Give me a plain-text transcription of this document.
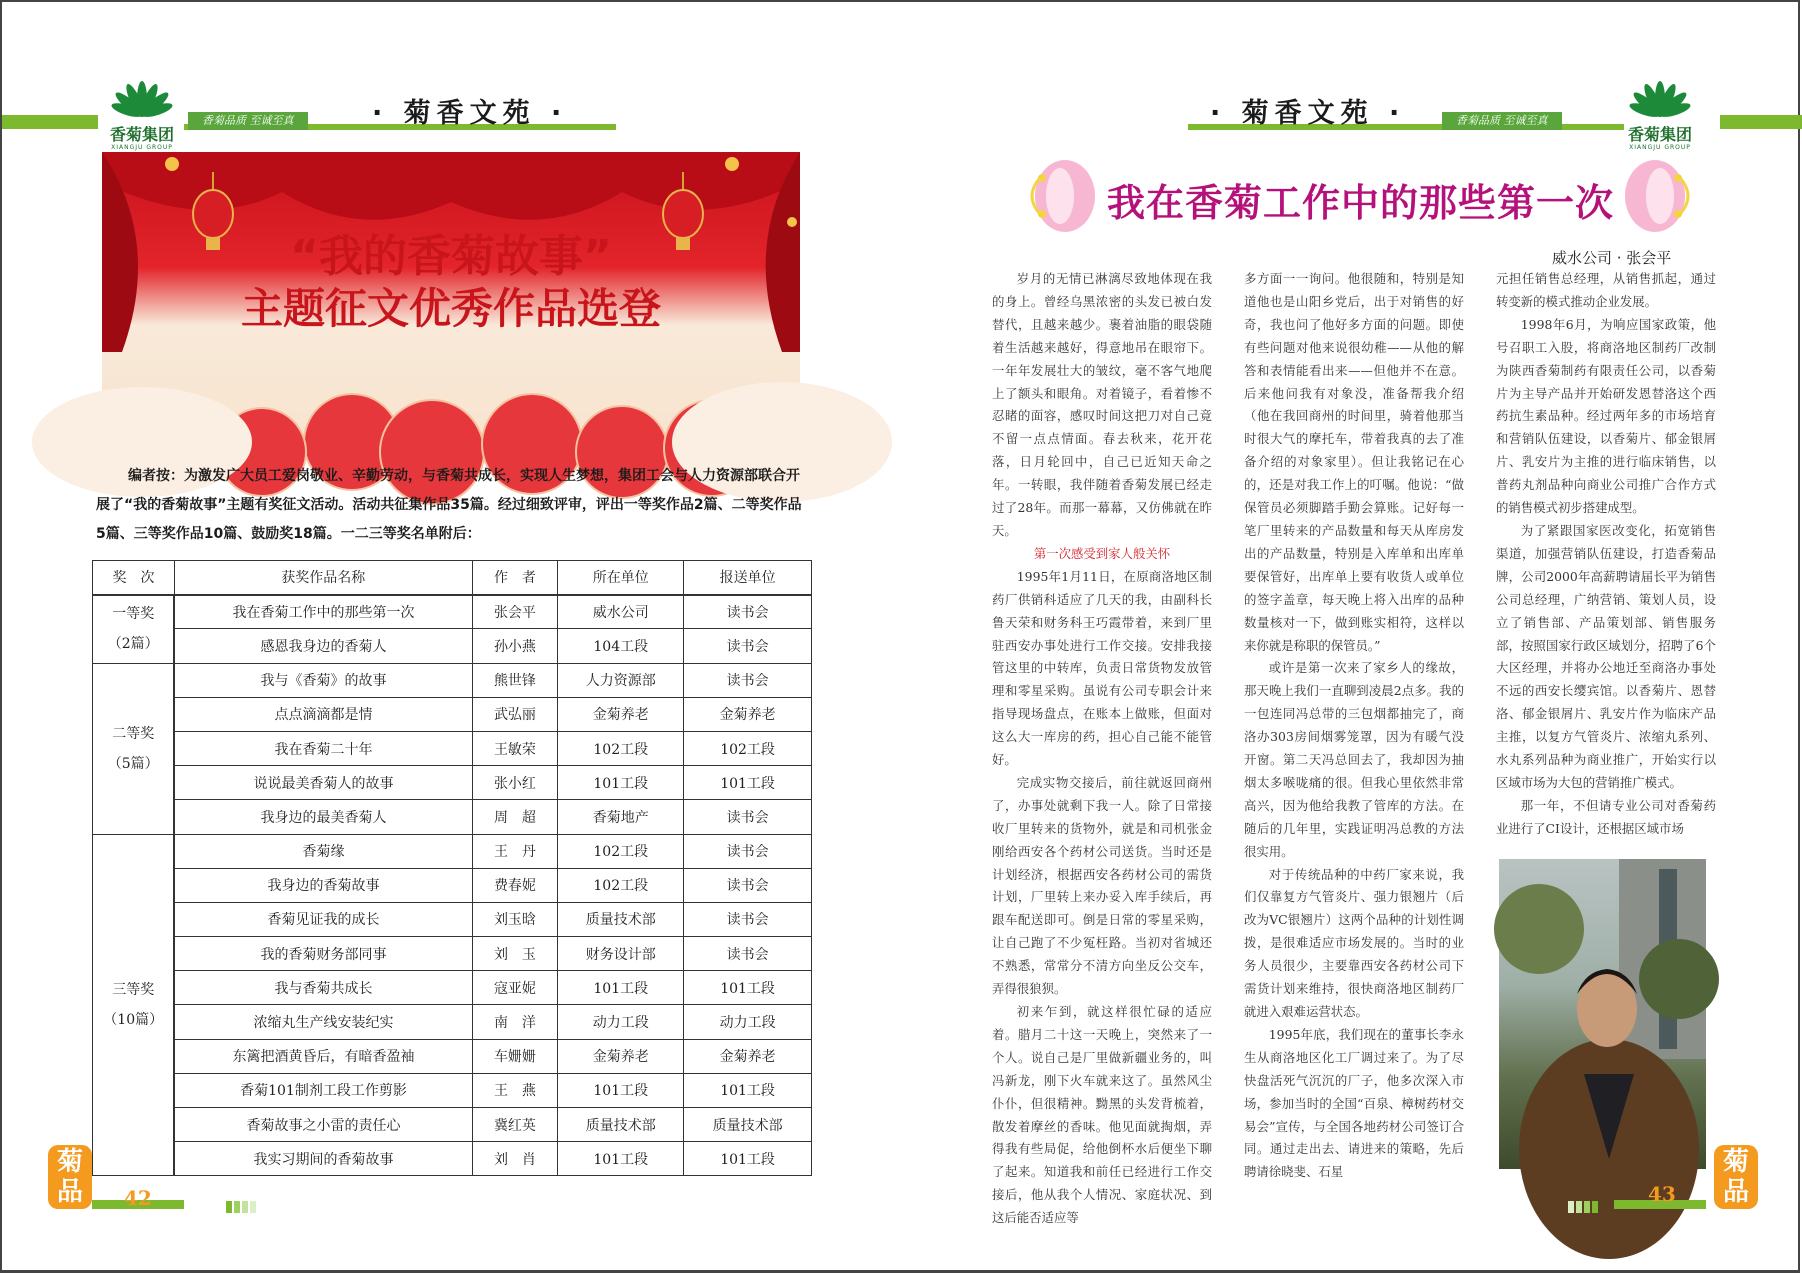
香菊集团
XIANGJU GROUP
香菊品质 至诚至真	· 菊香文苑 ·
“我的香菊故事”
主题征文优秀作品选登
编者按：为激发广大员工爱岗敬业、辛勤劳动，与香菊共成长，实现人生梦想，集团工会与人力资源部联合开展了“我的香菊故事”主题有奖征文活动。活动共征集作品35篇。经过细致评审，评出一等奖作品2篇、二等奖作品5篇、三等奖作品10篇、鼓励奖18篇。一二三等奖名单附后：
奖　次	获奖作品名称	作　者	所在单位	报送单位

一等奖
（2篇）	我在香菊工作中的那些第一次	张会平	威水公司	读书会
	感恩我身边的香菊人	孙小燕	104工段	读书会

二等奖
（5篇）	我与《香菊》的故事	熊世锋	人力资源部	读书会
	点点滴滴都是情	武弘丽	金菊养老	金菊养老
	我在香菊二十年	王敏荣	102工段	102工段
	说说最美香菊人的故事	张小红	101工段	101工段
	我身边的最美香菊人	周　超	香菊地产	读书会

三等奖
（10篇）	香菊缘	王　丹	102工段	读书会
	我身边的香菊故事	费春妮	102工段	读书会
	香菊见证我的成长	刘玉晗	质量技术部	读书会
	我的香菊财务部同事	刘　玉	财务设计部	读书会
	我与香菊共成长	寇亚妮	101工段	101工段
	浓缩丸生产线安装纪实	南　洋	动力工段	动力工段
	东篱把酒黄昏后，有暗香盈袖	车姗姗	金菊养老	金菊养老
	香菊101制剂工段工作剪影	王　燕	101工段	101工段
	香菊故事之小雷的责任心	冀红英	质量技术部	质量技术部
	我实习期间的香菊故事	刘　肖	101工段	101工段
菊品 42
· 菊香文苑 ·	香菊品质 至诚至真
香菊集团
XIANGJU GROUP
我在香菊工作中的那些第一次
威水公司 · 张会平

岁月的无情已淋漓尽致地体现在我的身上。曾经乌黑浓密的头发已被白发替代，且越来越少。裹着油脂的眼袋随着生活越来越好，得意地吊在眼帘下。一年年发展壮大的皱纹，毫不客气地爬上了额头和眼角。对着镜子，看着惨不忍睹的面容，感叹时间这把刀对自己竟不留一点点情面。春去秋来，花开花落，日月轮回中，自己已近知天命之年。一转眼，我伴随着香菊发展已经走过了28年。而那一幕幕，又仿佛就在昨天。

第一次感受到家人般关怀

1995年1月11日，在原商洛地区制药厂供销科适应了几天的我，由副科长鲁天荣和财务科王巧霞带着，来到厂里驻西安办事处进行工作交接。安排我接管这里的中转库，负责日常货物发放管理和零星采购。虽说有公司专职会计来指导现场盘点，在账本上做账，但面对这么大一库房的药，担心自己能不能管好。

完成实物交接后，前往就返回商州了，办事处就剩下我一人。除了日常接收厂里转来的货物外，就是和司机张金刚给西安各个药材公司送货。当时还是计划经济，根据西安各药材公司的需货计划，厂里转上来办妥入库手续后，再跟车配送即可。倒是日常的零星采购，让自己跑了不少冤枉路。当初对省城还不熟悉，常常分不清方向坐反公交车，弄得很狼狈。

初来乍到，就这样很忙碌的适应着。腊月二十这一天晚上，突然来了一个人。说自己是厂里做新疆业务的，叫冯新龙，刚下火车就来这了。虽然风尘仆仆，但很精神。黝黑的头发背梳着，散发着摩丝的香味。他见面就掏烟，弄得我有些局促，给他倒杯水后便坐下聊了起来。知道我和前任已经进行工作交接后，他从我个人情况、家庭状况、到这后能否适应等

多方面一一询问。他很随和，特别是知道他也是山阳乡党后，出于对销售的好奇，我也问了他好多方面的问题。即使有些问题对他来说很幼稚——从他的解答和表情能看出来——但他并不在意。后来他问我有对象没，准备帮我介绍（他在我回商州的时间里，骑着他那当时很大气的摩托车，带着我真的去了准备介绍的对象家里）。但让我铭记在心的，还是对我工作上的叮嘱。他说：“做保管员必须脚踏手勤会算账。记好每一笔厂里转来的产品数量和每天从库房发出的产品数量，特别是入库单和出库单要保管好，出库单上要有收货人或单位的签字盖章，每天晚上将入出库的品种数量核对一下，做到账实相符，这样以来你就是称职的保管员。”

或许是第一次来了家乡人的缘故，那天晚上我们一直聊到凌晨2点多。我的一包连同冯总带的三包烟都抽完了，商洛办303房间烟雾笼罩，因为有暖气没开窗。第二天冯总回去了，我却因为抽烟太多喉咙痛的很。但我心里依然非常高兴，因为他给我教了管库的方法。在随后的几年里，实践证明冯总教的方法很实用。

对于传统品种的中药厂家来说，我们仅靠复方气管炎片、强力银翘片（后改为VC银翘片）这两个品种的计划性调拨，是很难适应市场发展的。当时的业务人员很少，主要靠西安各药材公司下需货计划来维持，很快商洛地区制药厂就进入艰难运营状态。

1995年底，我们现在的董事长李永生从商洛地区化工厂调过来了。为了尽快盘活死气沉沉的厂子，他多次深入市场，参加当时的全国“百泉、樟树药材交易会”宣传，与全国各地药材公司签订合同。通过走出去、请进来的策略，先后聘请徐晓斐、石星

元担任销售总经理，从销售抓起，通过转变新的模式推动企业发展。

1998年6月，为响应国家政策，他号召职工入股，将商洛地区制药厂改制为陕西香菊制药有限责任公司，以香菊片为主导产品并开始研发恩替洛这个西药抗生素品种。经过两年多的市场培育和营销队伍建设，以香菊片、郁金银屑片、乳安片为主推的进行临床销售，以普药丸剂品种向商业公司推广合作方式的销售模式初步搭建成型。

为了紧跟国家医改变化，拓宽销售渠道，加强营销队伍建设，打造香菊品牌，公司2000年高薪聘请届长平为销售公司总经理，广纳营销、策划人员，设立了销售部、产品策划部、销售服务部，按照国家行政区域划分，招聘了6个大区经理，并将办公地迁至商洛办事处不远的西安长缨宾馆。以香菊片、恩替洛、郁金银屑片、乳安片作为临床产品主推，以复方气管炎片、浓缩丸系列、水丸系列品种为商业推广，开始实行以区域市场为大包的营销推广模式。

那一年，不但请专业公司对香菊药业进行了CI设计，还根据区域市场

43
菊品
